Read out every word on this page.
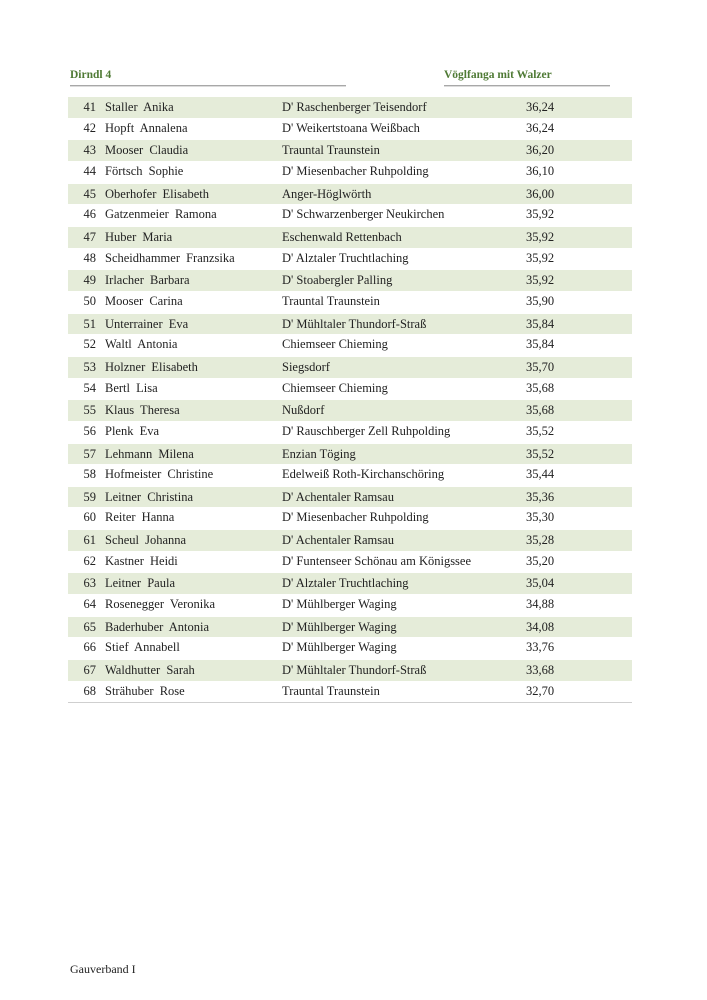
Dirndl 4	Vöglfanga mit Walzer
41 Staller Anika	D' Raschenberger Teisendorf	36,24
42 Hopft Annalena	D' Weikertstoana Weißbach	36,24
43 Mooser Claudia	Trauntal Traunstein	36,20
44 Förtsch Sophie	D' Miesenbacher Ruhpolding	36,10
45 Oberhofer Elisabeth	Anger-Höglwörth	36,00
46 Gatzenmeier Ramona	D' Schwarzenberger Neukirchen	35,92
47 Huber Maria	Eschenwald Rettenbach	35,92
48 Scheidhammer Franzsika	D' Alztaler Truchtlaching	35,92
49 Irlacher Barbara	D' Stoabergler Palling	35,92
50 Mooser Carina	Trauntal Traunstein	35,90
51 Unterrainer Eva	D' Mühltaler Thundorf-Straß	35,84
52 Waltl Antonia	Chiemseer Chieming	35,84
53 Holzner Elisabeth	Siegsdorf	35,70
54 Bertl Lisa	Chiemseer Chieming	35,68
55 Klaus Theresa	Nußdorf	35,68
56 Plenk Eva	D' Rauschberger Zell Ruhpolding	35,52
57 Lehmann Milena	Enzian Töging	35,52
58 Hofmeister Christine	Edelweiß Roth-Kirchanschöring	35,44
59 Leitner Christina	D' Achentaler Ramsau	35,36
60 Reiter Hanna	D' Miesenbacher Ruhpolding	35,30
61 Scheul Johanna	D' Achentaler Ramsau	35,28
62 Kastner Heidi	D' Funtenseer Schönau am Königssee	35,20
63 Leitner Paula	D' Alztaler Truchtlaching	35,04
64 Rosenegger Veronika	D' Mühlberger Waging	34,88
65 Baderhuber Antonia	D' Mühlberger Waging	34,08
66 Stief Annabell	D' Mühlberger Waging	33,76
67 Waldhutter Sarah	D' Mühltaler Thundorf-Straß	33,68
68 Strähuber Rose	Trauntal Traunstein	32,70
Gauverband I
